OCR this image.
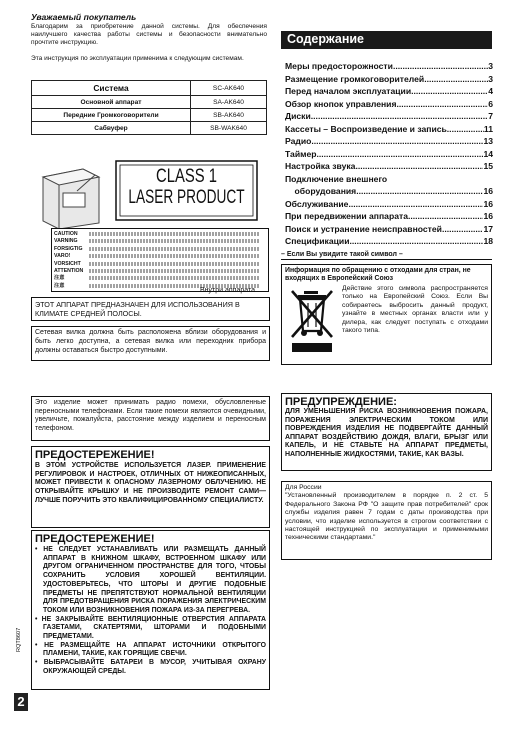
Уважаемый покупатель
Благодарим за приобретение данной системы. Для обеспечения наилучшего качества работы системы и безопасности внимательно прочтите инструкцию.
Эта инструкция по эксплуатации применима к следующим системам.
Система	SC-AK640
Основной аппарат	SA-AK640
Передние Громкоговорители	SB-AK640
Сабвуфер	SB-WAK640
CLASS 1
LASER PRODUCT
CAUTION
VARNING
FORSIGTIG
VARO!
VORSICHT
ATTENTION
注意
注意
Внутри аппарата
ЭТОТ АППАРАТ ПРЕДНАЗНАЧЕН ДЛЯ ИСПОЛЬЗОВАНИЯ В КЛИМАТЕ СРЕДНЕЙ ПОЛОСЫ.
Сетевая вилка должна быть расположена вблизи оборудования и быть легко доступна, а сетевая вилка или переходник прибора должны оставаться быстро доступными.
Это изделие может принимать радио помехи, обусловленные переносными телефонами. Если такие помехи являются очевидными, увеличьте, пожалуйста, расстояние между изделием и переносным телефоном.
ПРЕДОСТЕРЕЖЕНИЕ!
В ЭТОМ УСТРОЙСТВЕ ИСПОЛЬЗУЕТСЯ ЛАЗЕР. ПРИМЕНЕНИЕ РЕГУЛИРОВОК И НАСТРОЕК, ОТЛИЧНЫХ ОТ НИЖЕОПИСАННЫХ, МОЖЕТ ПРИВЕСТИ К ОПАСНОМУ ЛАЗЕРНОМУ ОБЛУЧЕНИЮ. НЕ ОТКРЫВАЙТЕ КРЫШКУ И НЕ ПРОИЗВОДИТЕ РЕМОНТ САМИ—ЛУЧШЕ ПОРУЧИТЬ ЭТО КВАЛИФИЦИРОВАННОМУ СПЕЦИАЛИСТУ.
ПРЕДОСТЕРЕЖЕНИЕ!
• НЕ СЛЕДУЕТ УСТАНАВЛИВАТЬ ИЛИ РАЗМЕЩАТЬ ДАННЫЙ АППАРАТ В КНИЖНОМ ШКАФУ, ВСТРОЕННОМ ШКАФУ ИЛИ ДРУГОМ ОГРАНИЧЕННОМ ПРОСТРАНСТВЕ ДЛЯ ТОГО, ЧТОБЫ СОХРАНИТЬ УСЛОВИЯ ХОРОШЕЙ ВЕНТИЛЯЦИИ. УДОСТОВЕРЬТЕСЬ, ЧТО ШТОРЫ И ДРУГИЕ ПОДОБНЫЕ ПРЕДМЕТЫ НЕ ПРЕПЯТСТВУЮТ НОРМАЛЬНОЙ ВЕНТИЛЯЦИИ ДЛЯ ПРЕДОТВРАЩЕНИЯ РИСКА ПОРАЖЕНИЯ ЭЛЕКТРИЧЕСКИМ ТОКОМ ИЛИ ВОЗНИКНОВЕНИЯ ПОЖАРА ИЗ-ЗА ПЕРЕГРЕВА.
• НЕ ЗАКРЫВАЙТЕ ВЕНТИЛЯЦИОННЫЕ ОТВЕРСТИЯ АППАРАТА ГАЗЕТАМИ, СКАТЕРТЯМИ, ШТОРАМИ И ПОДОБНЫМИ ПРЕДМЕТАМИ.
• НЕ РАЗМЕЩАЙТЕ НА АППАРАТ ИСТОЧНИКИ ОТКРЫТОГО ПЛАМЕНИ, ТАКИЕ, КАК ГОРЯЩИЕ СВЕЧИ.
• ВЫБРАСЫВАЙТЕ БАТАРЕИ В МУСОР, УЧИТЫВАЯ ОХРАНУ ОКРУЖАЮЩЕЙ СРЕДЫ.
RQT8607
2
Содержание
Меры предосторожности .....	3
Размещение громкоговорителей .....	3
Перед началом эксплуатации .....	4
Обзор кнопок управления .....	6
Диски .....	7
Кассеты – Воспроизведение и запись .....	11
Радио .....	13
Таймер .....	14
Настройка звука .....	15
Подключение внешнего
оборудования .....	16
Обслуживание .....	16
При передвижении аппарата .....	16
Поиск и устранение неисправностей .....	17
Спецификации .....	18
– Если Вы увидите такой символ –
Информация по обращению с отходами для стран, не входящих в Европейский Союз
Действие этого символа распространяется только на Европейский Союз. Если Вы собираетесь выбросить данный продукт, узнайте в местных органах власти или у дилера, как следует поступать с отходами такого типа.
ПРЕДУПРЕЖДЕНИЕ:
ДЛЯ УМЕНЬШЕНИЯ РИСКА ВОЗНИКНОВЕНИЯ ПОЖАРА, ПОРАЖЕНИЯ ЭЛЕКТРИЧЕСКИМ ТОКОМ ИЛИ ПОВРЕЖДЕНИЯ ИЗДЕЛИЯ НЕ ПОДВЕРГАЙТЕ ДАННЫЙ АППАРАТ ВОЗДЕЙСТВИЮ ДОЖДЯ, ВЛАГИ, БРЫЗГ ИЛИ КАПЕЛЬ, И НЕ СТАВЬТЕ НА АППАРАТ ПРЕДМЕТЫ, НАПОЛНЕННЫЕ ЖИДКОСТЯМИ, ТАКИЕ, КАК ВАЗЫ.
Для России
"Установленный производителем в порядке п. 2 ст. 5 Федерального Закона РФ "О защите прав потребителей" срок службы изделия равен 7 годам с даты производства при условии, что изделие используется в строгом соответствии с настоящей инструкцией по эксплуатации и применимыми техническими стандартами."
